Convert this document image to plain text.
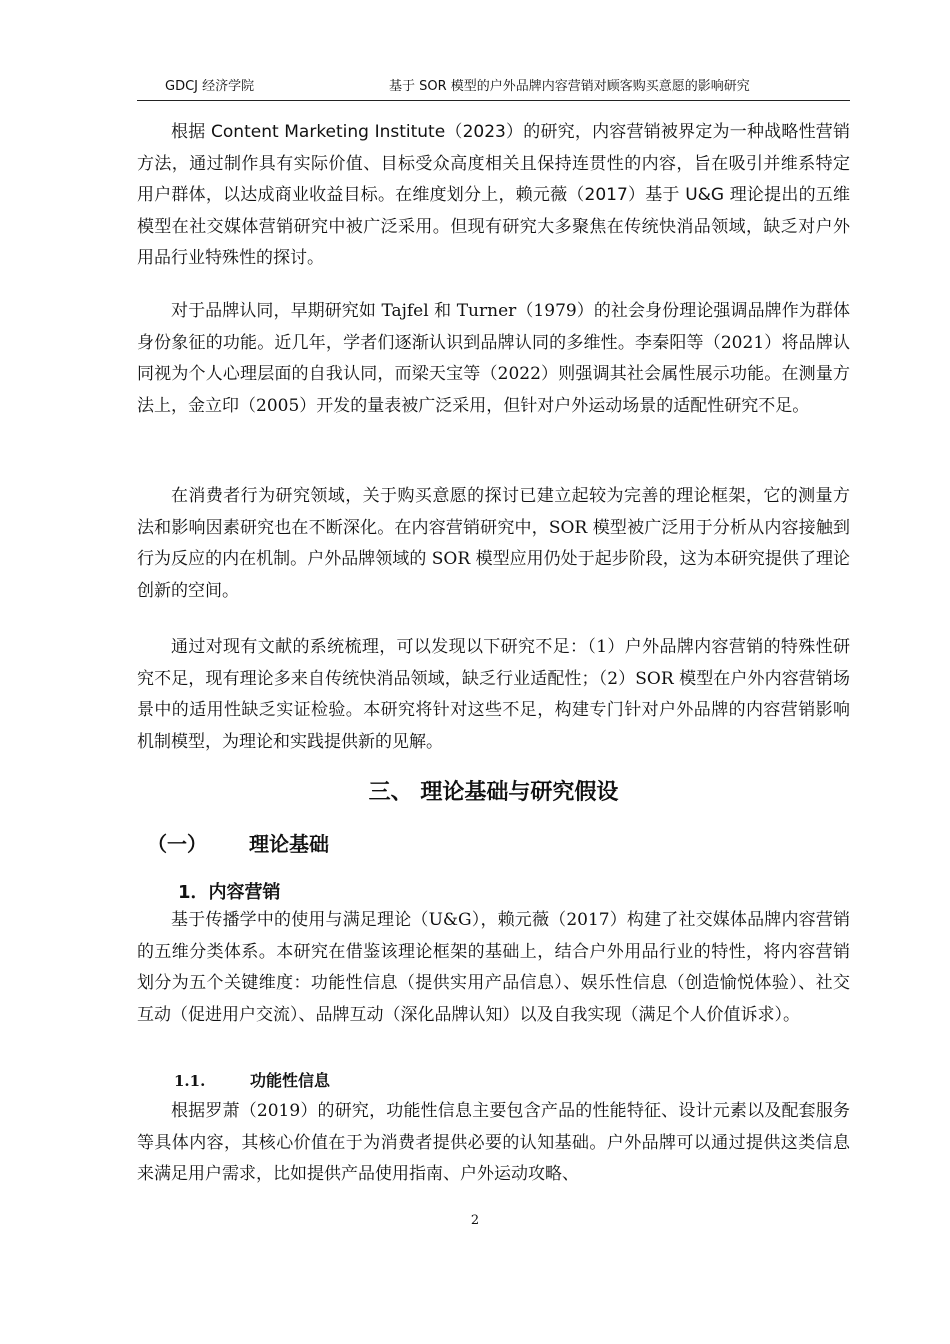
GDCJ 经济学院	基于 SOR 模型的户外品牌内容营销对顾客购买意愿的影响研究

根据 Content Marketing Institute（2023）的研究，内容营销被界定为一种战略性营销方法，通过制作具有实际价值、目标受众高度相关且保持连贯性的内容，旨在吸引并维系特定用户群体，以达成商业收益目标。在维度划分上，赖元薇（2017）基于 U&G 理论提出的五维模型在社交媒体营销研究中被广泛采用。但现有研究大多聚焦在传统快消品领域，缺乏对户外用品行业特殊性的探讨。

对于品牌认同，早期研究如 Tajfel 和 Turner（1979）的社会身份理论强调品牌作为群体身份象征的功能。近几年，学者们逐渐认识到品牌认同的多维性。李秦阳等（2021）将品牌认同视为个人心理层面的自我认同，而梁天宝等（2022）则强调其社会属性展示功能。在测量方法上，金立印（2005）开发的量表被广泛采用，但针对户外运动场景的适配性研究不足。

在消费者行为研究领域，关于购买意愿的探讨已建立起较为完善的理论框架，它的测量方法和影响因素研究也在不断深化。在内容营销研究中，SOR 模型被广泛用于分析从内容接触到行为反应的内在机制。户外品牌领域的 SOR 模型应用仍处于起步阶段，这为本研究提供了理论创新的空间。

通过对现有文献的系统梳理，可以发现以下研究不足：（1）户外品牌内容营销的特殊性研究不足，现有理论多来自传统快消品领域，缺乏行业适配性；（2）SOR 模型在户外内容营销场景中的适用性缺乏实证检验。本研究将针对这些不足，构建专门针对户外品牌的内容营销影响机制模型，为理论和实践提供新的见解。

三、 理论基础与研究假设
（一） 理论基础
1．内容营销

基于传播学中的使用与满足理论（U&G），赖元薇（2017）构建了社交媒体品牌内容营销的五维分类体系。本研究在借鉴该理论框架的基础上，结合户外用品行业的特性，将内容营销划分为五个关键维度：功能性信息（提供实用产品信息）、娱乐性信息（创造愉悦体验）、社交互动（促进用户交流）、品牌互动（深化品牌认知）以及自我实现（满足个人价值诉求）。

1.1.	功能性信息

根据罗萧（2019）的研究，功能性信息主要包含产品的性能特征、设计元素以及配套服务等具体内容，其核心价值在于为消费者提供必要的认知基础。户外品牌可以通过提供这类信息来满足用户需求，比如提供产品使用指南、户外运动攻略、

2
